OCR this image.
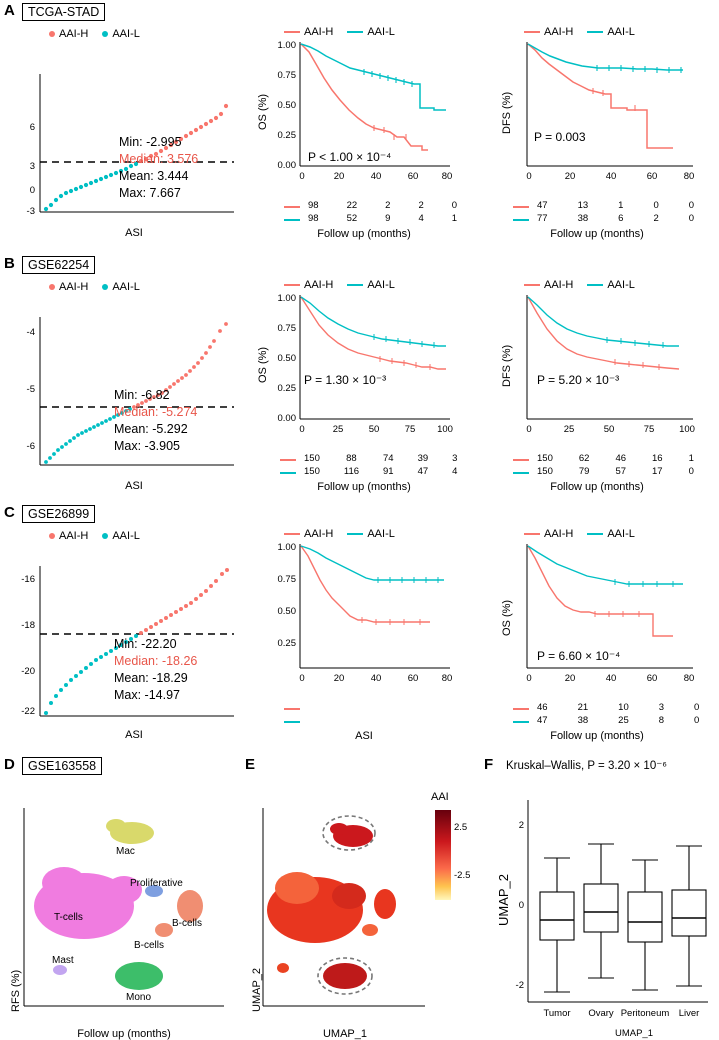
A	TCGA-STAD
AAI-H AAI-L
6
3
0
-3
Min: -2.995
Median: 3.576
Mean: 3.444
Max: 7.667
ASI
AAI-H	AAI-L
1.00
0.75
0.50
0.25
0.00
0	20	40	60 80
OS (%)
P < 1.00 × 10⁻⁴
	98	22	2	2	0
	98	52	9	4	1
Follow up (months)
AAI-H	AAI-L
0	20	40	60	80
DFS (%)
P = 0.003
	47	13	1	0	0
	77	38	6	2	0
Follow up (months)
B	GSE62254
AAI-H AAI-L
-4
-5
-6
Min: -6.82
Median: -5.274
Mean: -5.292
Max: -3.905
ASI
AAI-H	AAI-L
1.00
0.75
0.50
0.25
0.00
0	25	50	75 100
OS (%)	P = 1.30 × 10⁻³
	150	88	74	39	3
	150	116	91	47	4
Follow up (months)
AAI-H	AAI-L
0	25	50	75	100
DFS (%) P = 5.20 × 10⁻³
	150	62	46	16	1
	150	79	57	17	0
Follow up (months)
C	GSE26899
AAI-H AAI-L
-16
-18
-20
-22
Min: -22.20
Median: -18.26
Mean: -18.29
Max: -14.97
ASI
AAI-H	AAI-L
1.00
0.75
0.50
0.25
0	20	40	60 80

ASI
AAI-H	AAI-L
0	20	40	60	80
OS (%)
P = 6.60 × 10⁻⁴
	46	21	10	3	0
	47	38	25	8	0
Follow up (months)
D	GSE163558
Mac
Proliferative
T-cells
B-cells
B-cells
Mast
Mono
RFS (%)
Follow up (months)
E
2.5
-2.5
AAI
UMAP_2
UMAP_1
F Kruskal–Wallis, P = 3.20 × 10⁻⁶
2
0
-2
Tumor Ovary Peritoneum Liver
UMAP_2
UMAP_1
